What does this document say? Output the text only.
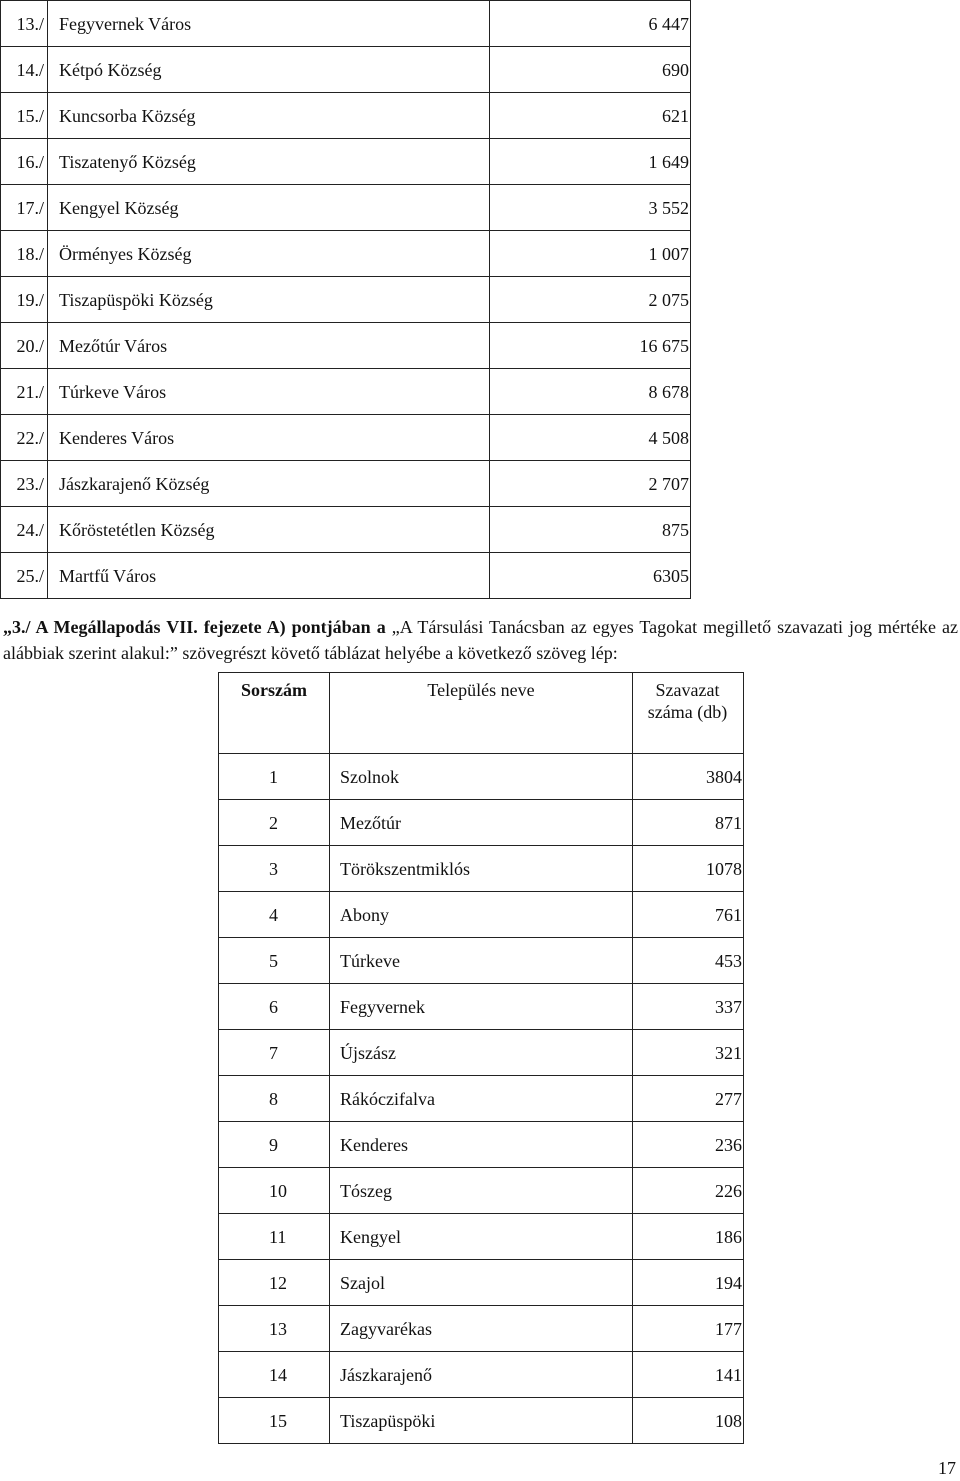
13./	Fegyvernek Város	6 447
14./	Kétpó Község	690
15./	Kuncsorba Község	621
16./	Tiszatenyő Község	1 649
17./	Kengyel Község	3 552
18./	Örményes Község	1 007
19./	Tiszapüspöki Község	2 075
20./	Mezőtúr Város	16 675
21./	Túrkeve Város	8 678
22./	Kenderes Város	4 508
23./	Jászkarajenő Község	2 707
24./	Kőröstetétlen Község	875
25./	Martfű Város	6305
„3./ A Megállapodás VII. fejezete A) pontjában a „A Társulási Tanácsban az egyes Tagokat megillető szavazati jog mértéke az alábbiak szerint alakul:” szövegrészt követő táblázat helyébe a következő szöveg lép:
Sorszám	Település neve	Szavazat
száma (db)
1	Szolnok	3804
2	Mezőtúr	871
3	Törökszentmiklós	1078
4	Abony	761
5	Túrkeve	453
6	Fegyvernek	337
7	Újszász	321
8	Rákóczifalva	277
9	Kenderes	236
10	Tószeg	226
11	Kengyel	186
12	Szajol	194
13	Zagyvarékas	177
14	Jászkarajenő	141
15	Tiszapüspöki	108
17
